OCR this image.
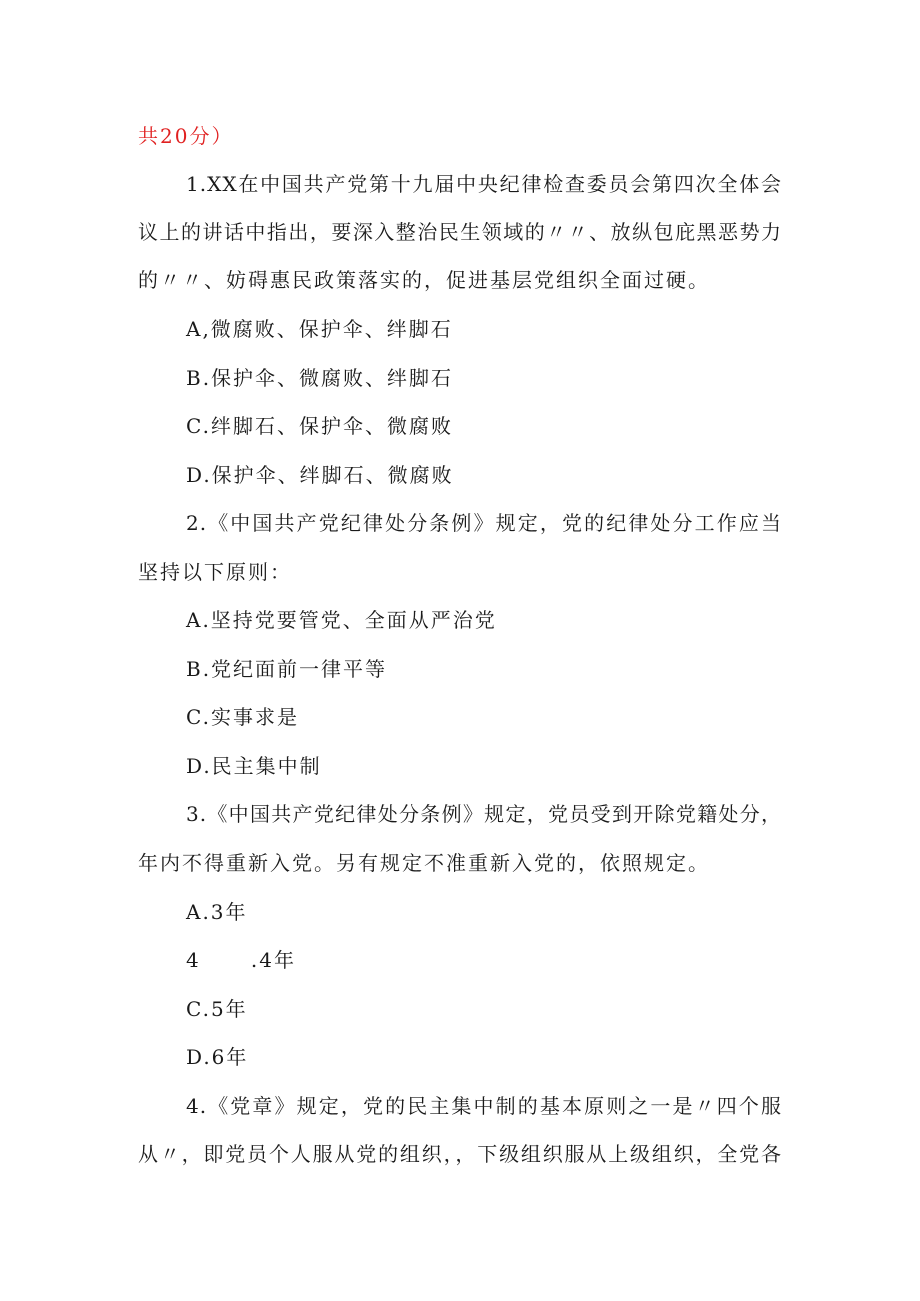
共20分）
1.XX在中国共产党第十九届中央纪律检查委员会第四次全体会
议上的讲话中指出，要深入整治民生领域的〃〃、放纵包庇黑恶势力
的〃〃、妨碍惠民政策落实的，促进基层党组织全面过硬。
A,微腐败、保护伞、绊脚石
B.保护伞、微腐败、绊脚石
C.绊脚石、保护伞、微腐败
D.保护伞、绊脚石、微腐败
2.《中国共产党纪律处分条例》规定，党的纪律处分工作应当
坚持以下原则：
A.坚持党要管党、全面从严治党
B.党纪面前一律平等
C.实事求是
D.民主集中制
3.《中国共产党纪律处分条例》规定，党员受到开除党籍处分，
年内不得重新入党。另有规定不准重新入党的，依照规定。
A.3年
4      .4年
C.5年
D.6年
4.《党章》规定，党的民主集中制的基本原则之一是〃四个服
从〃，即党员个人服从党的组织，，下级组织服从上级组织，全党各
